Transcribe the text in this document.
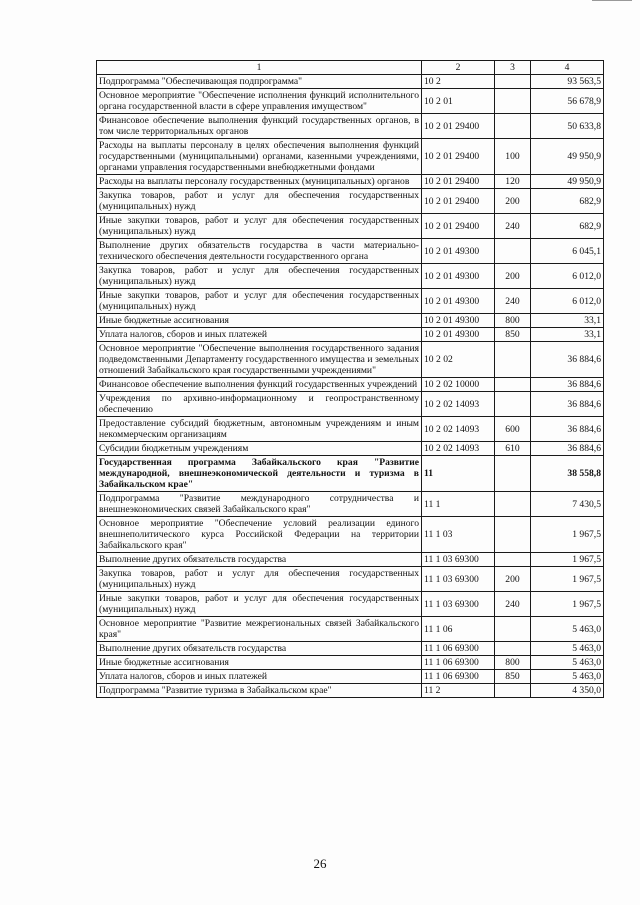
1	2	3	4
Подпрограмма "Обеспечивающая подпрограмма"	10 2		93 563,5
Основное мероприятие "Обеспечение исполнения функций исполнительного органа государственной власти в сфере управления имуществом"	10 2 01		56 678,9
Финансовое обеспечение выполнения функций государственных органов, в том числе территориальных органов	10 2 01 29400		50 633,8
Расходы на выплаты персоналу в целях обеспечения выполнения функций государственными (муниципальными) органами, казенными учреждениями, органами управления государственными внебюджетными фондами	10 2 01 29400	100	49 950,9
Расходы на выплаты персоналу государственных (муниципальных) органов	10 2 01 29400	120	49 950,9
Закупка товаров, работ и услуг для обеспечения государственных (муниципальных) нужд	10 2 01 29400	200	682,9
Иные закупки товаров, работ и услуг для обеспечения государственных (муниципальных) нужд	10 2 01 29400	240	682,9
Выполнение других обязательств государства в части материально-технического обеспечения деятельности государственного органа	10 2 01 49300		6 045,1
Закупка товаров, работ и услуг для обеспечения государственных (муниципальных) нужд	10 2 01 49300	200	6 012,0
Иные закупки товаров, работ и услуг для обеспечения государственных (муниципальных) нужд	10 2 01 49300	240	6 012,0
Иные бюджетные ассигнования	10 2 01 49300	800	33,1
Уплата налогов, сборов и иных платежей	10 2 01 49300	850	33,1
Основное мероприятие "Обеспечение выполнения государственного задания подведомственными Департаменту государственного имущества и земельных отношений Забайкальского края государственными учреждениями"	10 2 02		36 884,6
Финансовое обеспечение выполнения функций государственных учреждений	10 2 02 10000		36 884,6
Учреждения по архивно-информационному и геопространственному обеспечению	10 2 02 14093		36 884,6
Предоставление субсидий бюджетным, автономным учреждениям и иным некоммерческим организациям	10 2 02 14093	600	36 884,6
Субсидии бюджетным учреждениям	10 2 02 14093	610	36 884,6
Государственная программа Забайкальского края "Развитие международной, внешнеэкономической деятельности и туризма в Забайкальском крае"	11		38 558,8
Подпрограмма "Развитие международного сотрудничества и внешнеэкономических связей Забайкальского края"	11 1		7 430,5
Основное мероприятие "Обеспечение условий реализации единого внешнеполитического курса Российской Федерации на территории Забайкальского края"	11 1 03		1 967,5
Выполнение других обязательств государства	11 1 03 69300		1 967,5
Закупка товаров, работ и услуг для обеспечения государственных (муниципальных) нужд	11 1 03 69300	200	1 967,5
Иные закупки товаров, работ и услуг для обеспечения государственных (муниципальных) нужд	11 1 03 69300	240	1 967,5
Основное мероприятие "Развитие межрегиональных связей Забайкальского края"	11 1 06		5 463,0
Выполнение других обязательств государства	11 1 06 69300		5 463,0
Иные бюджетные ассигнования	11 1 06 69300	800	5 463,0
Уплата налогов, сборов и иных платежей	11 1 06 69300	850	5 463,0
Подпрограмма "Развитие туризма в Забайкальском крае"	11 2		4 350,0
26
